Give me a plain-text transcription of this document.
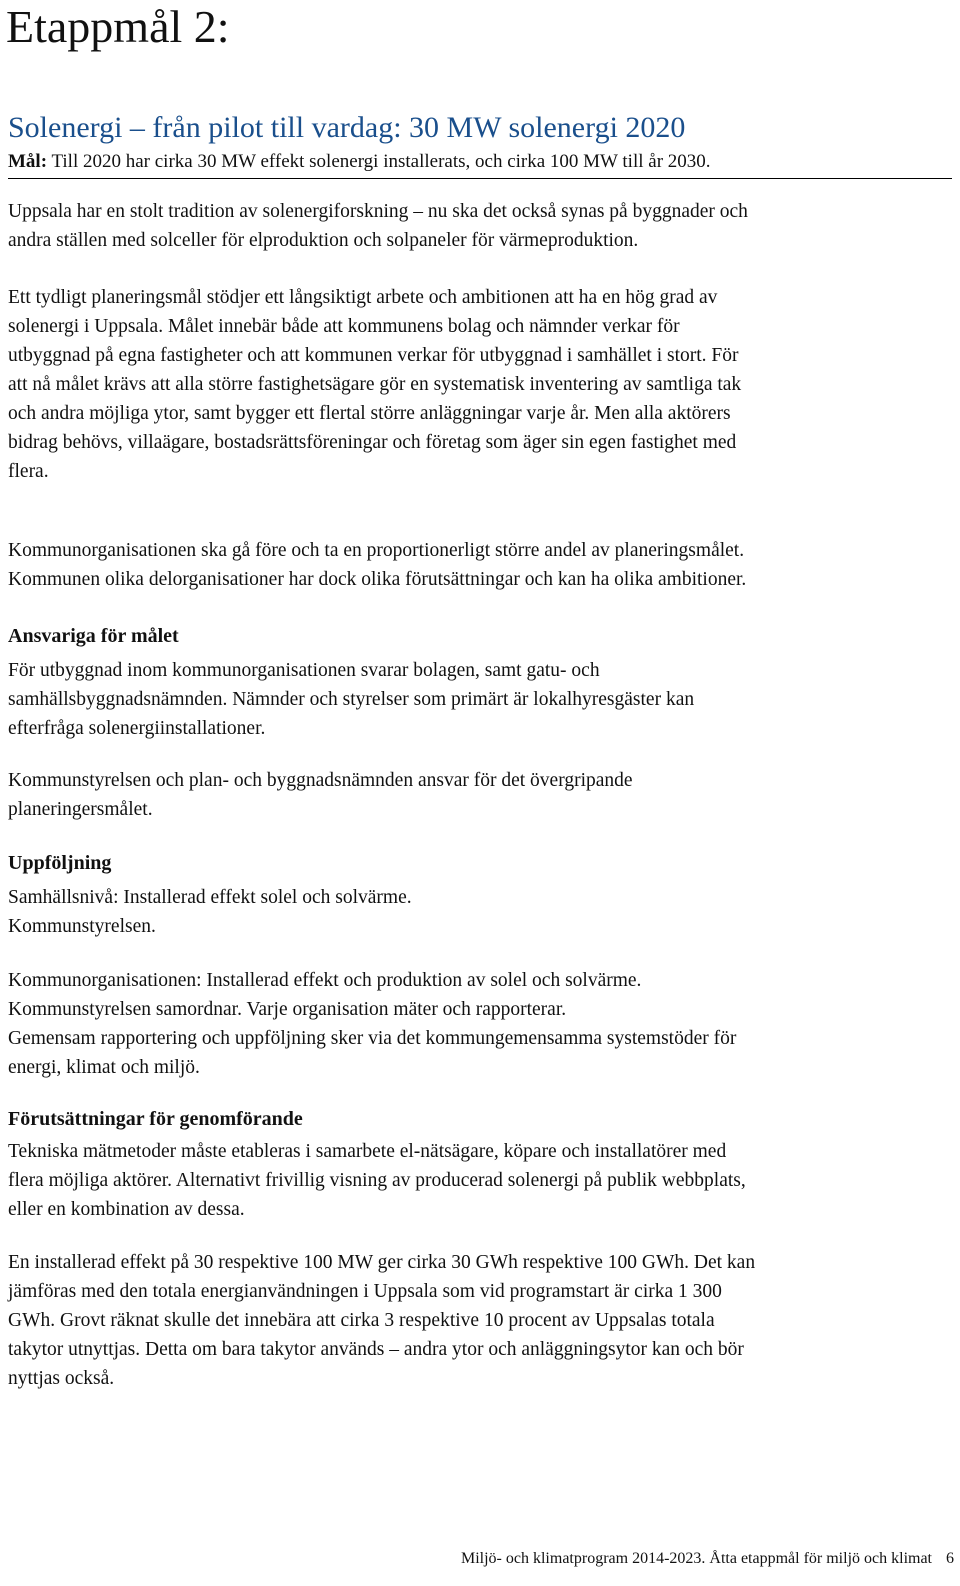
Etappmål 2:
Solenergi – från pilot till vardag: 30 MW solenergi 2020

Mål: Till 2020 har cirka 30 MW effekt solenergi installerats, och cirka 100 MW till år 2030.

Uppsala har en stolt tradition av solenergiforskning – nu ska det också synas på byggnader och
andra ställen med solceller för elproduktion och solpaneler för värmeproduktion.
Ett tydligt planeringsmål stödjer ett långsiktigt arbete och ambitionen att ha en hög grad av
solenergi i Uppsala. Målet innebär både att kommunens bolag och nämnder verkar för
utbyggnad på egna fastigheter och att kommunen verkar för utbyggnad i samhället i stort. För
att nå målet krävs att alla större fastighetsägare gör en systematisk inventering av samtliga tak
och andra möjliga ytor, samt bygger ett flertal större anläggningar varje år. Men alla aktörers
bidrag behövs, villaägare, bostadsrättsföreningar och företag som äger sin egen fastighet med
flera.
Kommunorganisationen ska gå före och ta en proportionerligt större andel av planeringsmålet.
Kommunen olika delorganisationer har dock olika förutsättningar och kan ha olika ambitioner.
Ansvariga för målet
För utbyggnad inom kommunorganisationen svarar bolagen, samt gatu- och
samhällsbyggnadsnämnden. Nämnder och styrelser som primärt är lokalhyresgäster kan
efterfråga solenergiinstallationer.
Kommunstyrelsen och plan- och byggnadsnämnden ansvar för det övergripande
planeringersmålet.
Uppföljning
Samhällsnivå: Installerad effekt solel och solvärme.
Kommunstyrelsen.
Kommunorganisationen: Installerad effekt och produktion av solel och solvärme.
Kommunstyrelsen samordnar. Varje organisation mäter och rapporterar.
Gemensam rapportering och uppföljning sker via det kommungemensamma systemstöder för
energi, klimat och miljö.
Förutsättningar för genomförande
Tekniska mätmetoder måste etableras i samarbete el-nätsägare, köpare och installatörer med
flera möjliga aktörer. Alternativt frivillig visning av producerad solenergi på publik webbplats,
eller en kombination av dessa.
En installerad effekt på 30 respektive 100 MW ger cirka 30 GWh respektive 100 GWh. Det kan
jämföras med den totala energianvändningen i Uppsala som vid programstart är cirka 1 300
GWh. Grovt räknat skulle det innebära att cirka 3 respektive 10 procent av Uppsalas totala
takytor utnyttjas. Detta om bara takytor används – andra ytor och anläggningsytor kan och bör
nyttjas också.
Miljö- och klimatprogram 2014-2023. Åtta etappmål för miljö och klimat 6
